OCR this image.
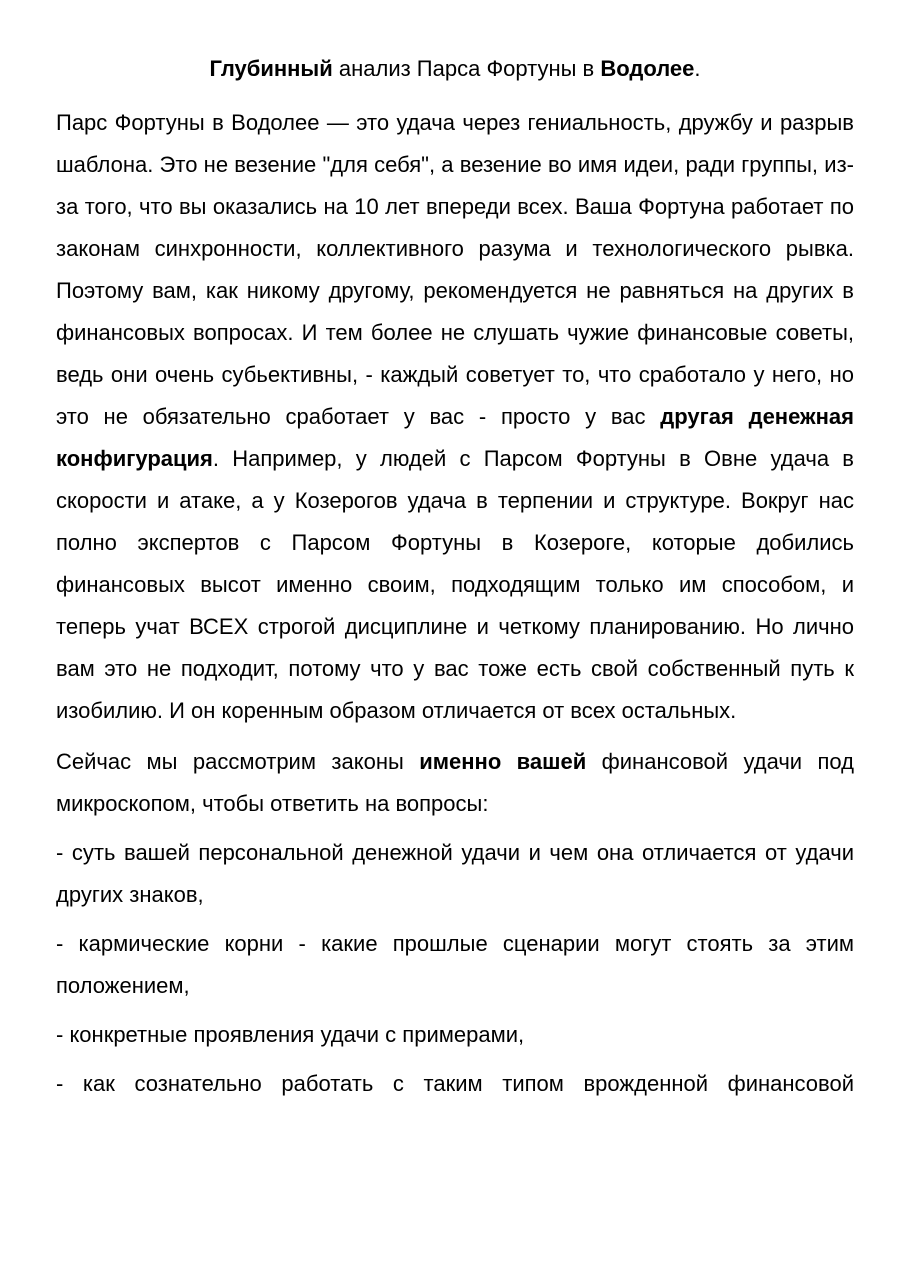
Глубинный анализ Парса Фортуны в Водолее.

Парс Фортуны в Водолее — это удача через гениальность, дружбу и разрыв шаблона. Это не везение "для себя", а везение во имя идеи, ради группы, из-за того, что вы оказались на 10 лет впереди всех. Ваша Фортуна работает по законам синхронности, коллективного разума и технологического рывка. Поэтому вам, как никому другому, рекомендуется не равняться на других в финансовых вопросах. И тем более не слушать чужие финансовые советы, ведь они очень субьективны, - каждый советует то, что сработало у него, но это не обязательно сработает у вас - просто у вас другая денежная конфигурация. Например, у людей с Парсом Фортуны в Овне удача в скорости и атаке, а у Козерогов удача в терпении и структуре. Вокруг нас полно экспертов с Парсом Фортуны в Козероге, которые добились финансовых высот именно своим, подходящим только им способом, и теперь учат ВСЕХ строгой дисциплине и четкому планированию. Но лично вам это не подходит, потому что у вас тоже есть свой собственный путь к изобилию. И он коренным образом отличается от всех остальных.

Сейчас мы рассмотрим законы именно вашей финансовой удачи под микроскопом, чтобы ответить на вопросы:

- суть вашей персональной денежной удачи и чем она отличается от удачи других знаков,

- кармические корни - какие прошлые сценарии могут стоять за этим положением,

- конкретные проявления удачи с примерами,

- как сознательно работать с таким типом врожденной финансовой
